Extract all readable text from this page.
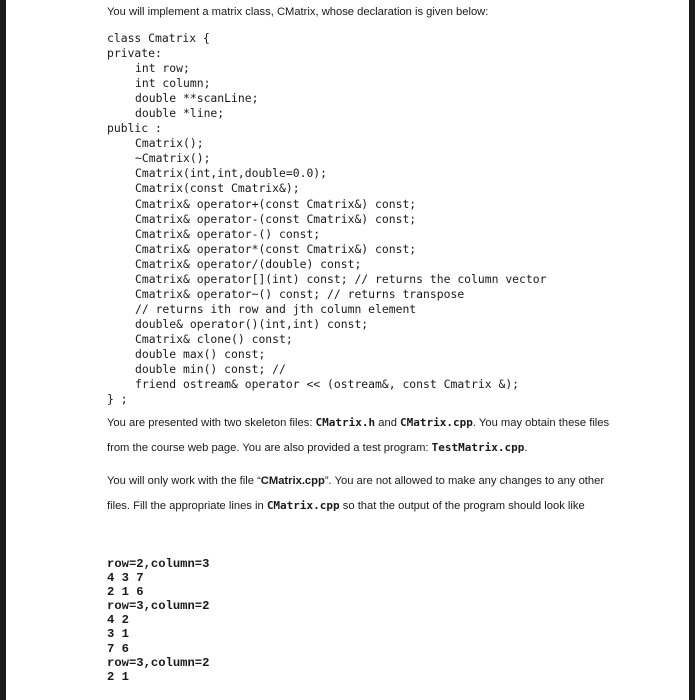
You will implement a matrix class, CMatrix, whose declaration is given below:
class Cmatrix {
private:
int row;
int column;
double **scanLine;
double *line;
public :
Cmatrix();
~Cmatrix();
Cmatrix(int,int,double=0.0);
Cmatrix(const Cmatrix&);
Cmatrix& operator+(const Cmatrix&) const;
Cmatrix& operator-(const Cmatrix&) const;
Cmatrix& operator-() const;
Cmatrix& operator*(const Cmatrix&) const;
Cmatrix& operator/(double) const;
Cmatrix& operator[](int) const; // returns the column vector
Cmatrix& operator~() const; // returns transpose
// returns ith row and jth column element
double& operator()(int,int) const;
Cmatrix& clone() const;
double max() const;
double min() const; //
friend ostream& operator << (ostream&, const Cmatrix &);
} ;
You are presented with two skeleton files: CMatrix.h and CMatrix.cpp. You may obtain these files from the course web page. You are also provided a test program: TestMatrix.cpp.
You will only work with the file “CMatrix.cpp”. You are not allowed to make any changes to any other files. Fill the appropriate lines in CMatrix.cpp so that the output of the program should look like
row=2,column=3
4 3 7
2 1 6
row=3,column=2
4 2
3 1
7 6
row=3,column=2
2 1
